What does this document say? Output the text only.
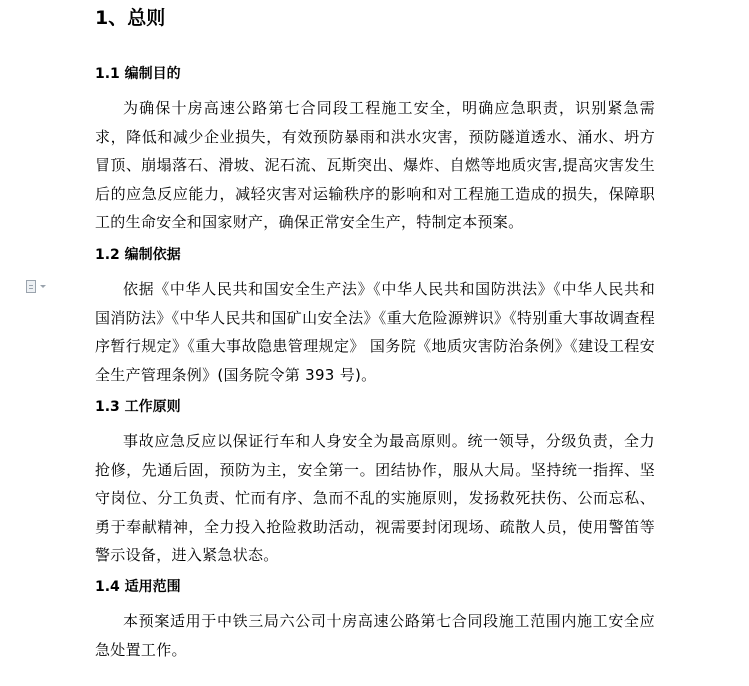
1、总则
1.1 编制目的
为确保十房高速公路第七合同段工程施工安全，明确应急职责，识别紧急需求，降低和减少企业损失，有效预防暴雨和洪水灾害，预防隧道透水、涌水、坍方冒顶、崩塌落石、滑坡、泥石流、瓦斯突出、爆炸、自燃等地质灾害,提高灾害发生后的应急反应能力，减轻灾害对运输秩序的影响和对工程施工造成的损失，保障职工的生命安全和国家财产，确保正常安全生产，特制定本预案。
1.2 编制依据
依据《中华人民共和国安全生产法》《中华人民共和国防洪法》《中华人民共和国消防法》《中华人民共和国矿山安全法》《重大危险源辨识》《特别重大事故调查程序暂行规定》《重大事故隐患管理规定》 国务院《地质灾害防治条例》《建设工程安全生产管理条例》(国务院令第 393 号)。
1.3 工作原则
事故应急反应以保证行车和人身安全为最高原则。统一领导，分级负责，全力抢修，先通后固，预防为主，安全第一。团结协作，服从大局。坚持统一指挥、坚守岗位、分工负责、忙而有序、急而不乱的实施原则，发扬救死扶伤、公而忘私、勇于奉献精神，全力投入抢险救助活动，视需要封闭现场、疏散人员，使用警笛等警示设备，进入紧急状态。
1.4 适用范围
本预案适用于中铁三局六公司十房高速公路第七合同段施工范围内施工安全应急处置工作。
